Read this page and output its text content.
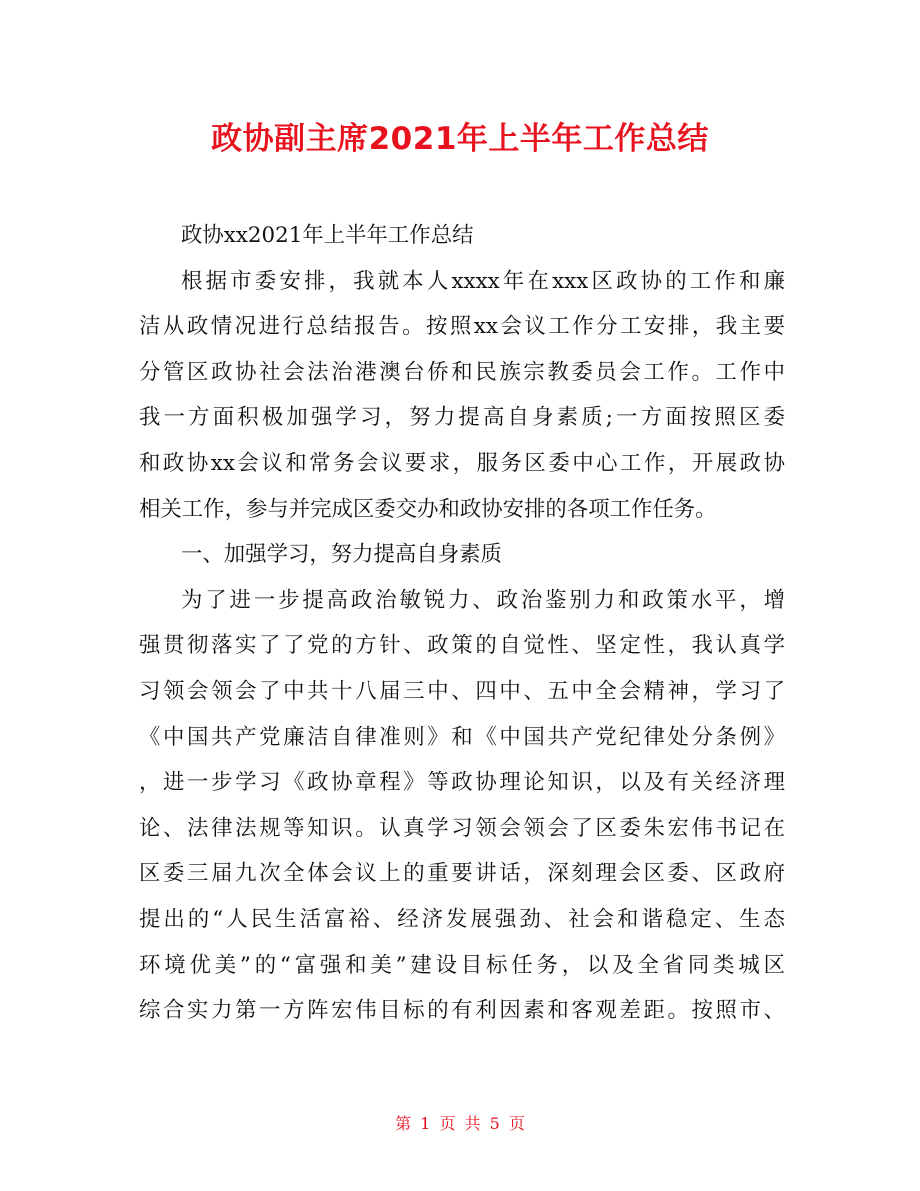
政协副主席2021年上半年工作总结
政协xx2021年上半年工作总结
根据市委安排，我就本人xxxx年在xxx区政协的工作和廉
洁从政情况进行总结报告。按照xx会议工作分工安排，我主要
分管区政协社会法治港澳台侨和民族宗教委员会工作。工作中
我一方面积极加强学习，努力提高自身素质;一方面按照区委
和政协xx会议和常务会议要求，服务区委中心工作，开展政协
相关工作，参与并完成区委交办和政协安排的各项工作任务。
一、加强学习，努力提高自身素质
为了进一步提高政治敏锐力、政治鉴别力和政策水平，增
强贯彻落实了了党的方针、政策的自觉性、坚定性，我认真学
习领会领会了中共十八届三中、四中、五中全会精神，学习了
《中国共产党廉洁自律准则》和《中国共产党纪律处分条例》
，进一步学习《政协章程》等政协理论知识，以及有关经济理
论、法律法规等知识。认真学习领会领会了区委朱宏伟书记在
区委三届九次全体会议上的重要讲话，深刻理会区委、区政府
提出的“人民生活富裕、经济发展强劲、社会和谐稳定、生态
环境优美”的“富强和美”建设目标任务，以及全省同类城区
综合实力第一方阵宏伟目标的有利因素和客观差距。按照市、
第 1 页 共 5 页
